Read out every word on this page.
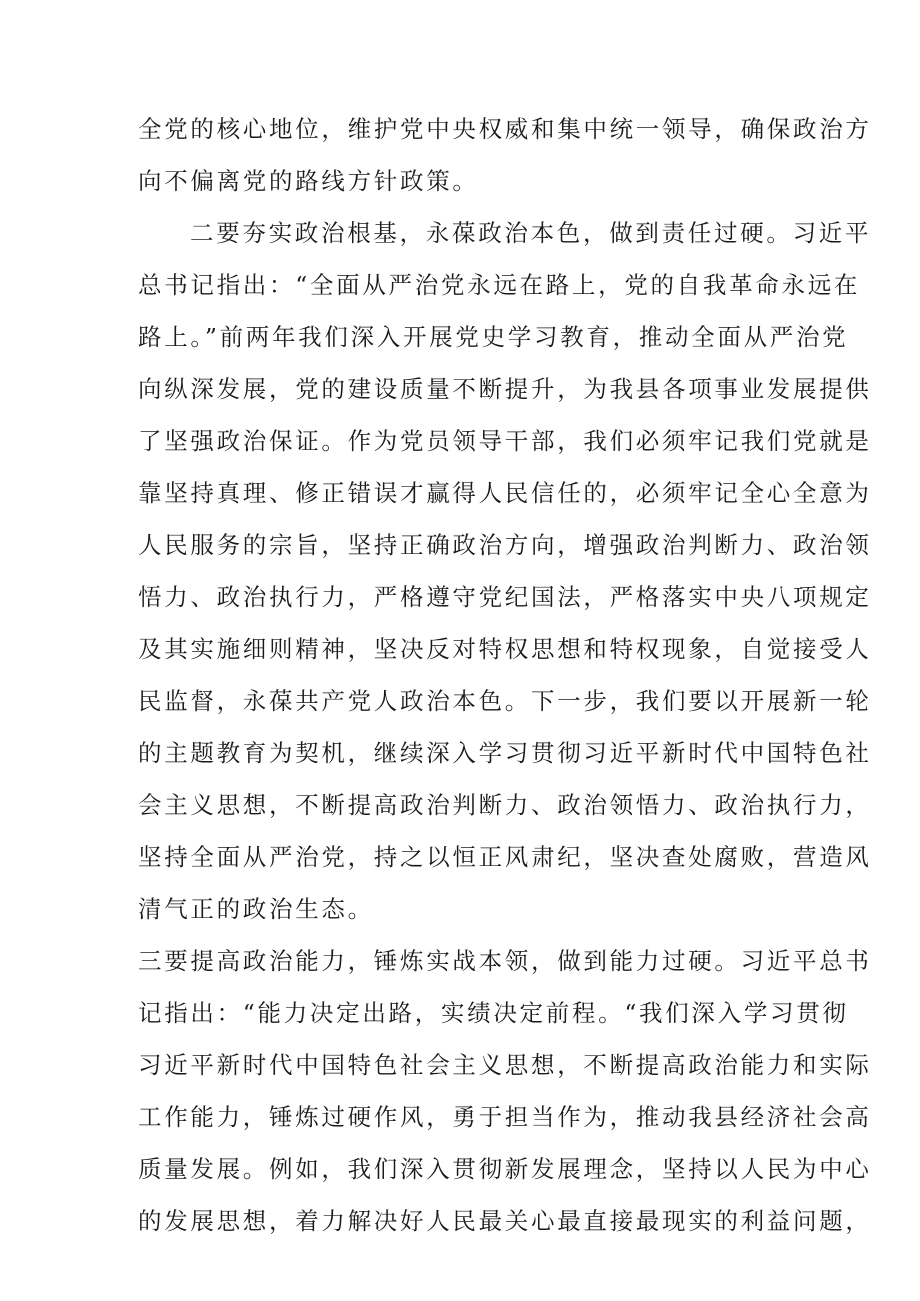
全党的核心地位，维护党中央权威和集中统一领导，确保政治方
向不偏离党的路线方针政策。
二要夯实政治根基，永葆政治本色，做到责任过硬。习近平
总书记指出：“全面从严治党永远在路上，党的自我革命永远在
路上。”前两年我们深入开展党史学习教育，推动全面从严治党
向纵深发展，党的建设质量不断提升，为我县各项事业发展提供
了坚强政治保证。作为党员领导干部，我们必须牢记我们党就是
靠坚持真理、修正错误才赢得人民信任的，必须牢记全心全意为
人民服务的宗旨，坚持正确政治方向，增强政治判断力、政治领
悟力、政治执行力，严格遵守党纪国法，严格落实中央八项规定
及其实施细则精神，坚决反对特权思想和特权现象，自觉接受人
民监督，永葆共产党人政治本色。下一步，我们要以开展新一轮
的主题教育为契机，继续深入学习贯彻习近平新时代中国特色社
会主义思想，不断提高政治判断力、政治领悟力、政治执行力，
坚持全面从严治党，持之以恒正风肃纪，坚决查处腐败，营造风
清气正的政治生态。
三要提高政治能力，锤炼实战本领，做到能力过硬。习近平总书
记指出：“能力决定出路，实绩决定前程。“我们深入学习贯彻
习近平新时代中国特色社会主义思想，不断提高政治能力和实际
工作能力，锤炼过硬作风，勇于担当作为，推动我县经济社会高
质量发展。例如，我们深入贯彻新发展理念，坚持以人民为中心
的发展思想，着力解决好人民最关心最直接最现实的利益问题，
